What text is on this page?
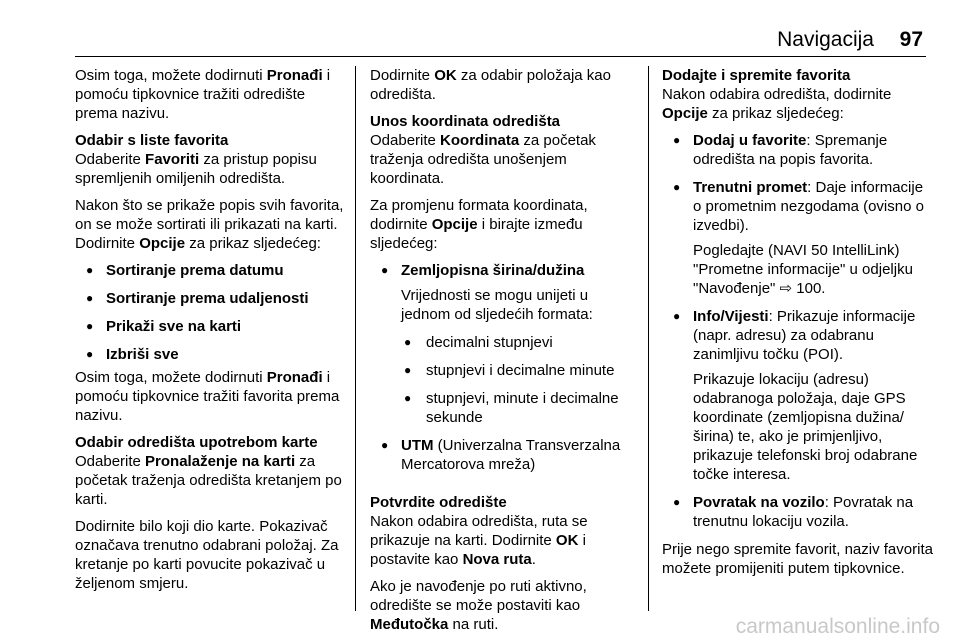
Navigacija 97

Osim toga, možete dodirnuti Pronađi i pomoću tipkovnice tražiti odredište prema nazivu.

Odabir s liste favorita

Odaberite Favoriti za pristup popisu spremljenih omiljenih odredišta.

Nakon što se prikaže popis svih favorita, on se može sortirati ili prikazati na karti. Dodirnite Opcije za prikaz sljedećeg:

● Sortiranje prema datumu
● Sortiranje prema udaljenosti
● Prikaži sve na karti
● Izbriši sve

Osim toga, možete dodirnuti Pronađi i pomoću tipkovnice tražiti favorita prema nazivu.

Odabir odredišta upotrebom karte

Odaberite Pronalaženje na karti za početak traženja odredišta kretanjem po karti.

Dodirnite bilo koji dio karte. Pokazivač označava trenutno odabrani položaj. Za kretanje po karti povucite pokazivač u željenom smjeru.

Dodirnite OK za odabir položaja kao odredišta.

Unos koordinata odredišta

Odaberite Koordinata za početak traženja odredišta unošenjem koordinata.

Za promjenu formata koordinata, dodirnite Opcije i birajte između sljedećeg:

● Zemljopisna širina/dužina
Vrijednosti se mogu unijeti u jednom od sljedećih formata:
● decimalni stupnjevi
● stupnjevi i decimalne minute
● stupnjevi, minute i decimalne sekunde
● UTM (Univerzalna Transverzalna Mercatorova mreža)
Potvrdite odredište

Nakon odabira odredišta, ruta se prikazuje na karti. Dodirnite OK i postavite kao Nova ruta.

Ako je navođenje po ruti aktivno, odredište se može postaviti kao Međutočka na ruti.

Dodajte i spremite favorita

Nakon odabira odredišta, dodirnite Opcije za prikaz sljedećeg:

● Dodaj u favorite: Spremanje odredišta na popis favorita.
● Trenutni promet: Daje informacije o prometnim nezgodama (ovisno o izvedbi).
Pogledajte (NAVI 50 IntelliLink) "Prometne informacije" u odjeljku "Navođenje" ⇨ 100.
● Info/Vijesti: Prikazuje informacije (napr. adresu) za odabranu zanimljivu točku (POI).
Prikazuje lokaciju (adresu) odabranoga položaja, daje GPS koordinate (zemljopisna dužina/ širina) te, ako je primjenljivo, prikazuje telefonski broj odabrane točke interesa.
● Povratak na vozilo: Povratak na trenutnu lokaciju vozila.

Prije nego spremite favorit, naziv favorita možete promijeniti putem tipkovnice.

carmanualsonline.info
